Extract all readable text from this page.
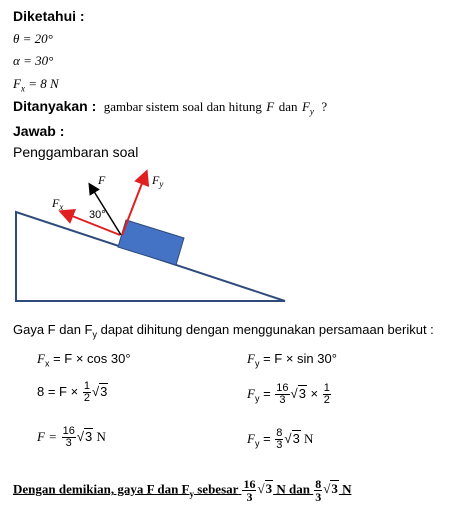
Diketahui :
θ = 20°
α = 30°
$F_x = 8$ N
Ditanyakan : gambar sistem soal dan hitung F dan $F_y$ ?
Jawab :
Penggambaran soal
F	$F_y$
$F_x$
30°
Gaya F dan $F_y$ dapat dihitung dengan menggunakan persamaan berikut :
$F_x = F \times \cos 30^\circ$	$F_y = F \times \sin 30^\circ$
$8 = F \times \frac{1}{2} √3$	$F_y = \frac{16}{3} √3 \times \frac{1}{2}$
$F = \frac{16}{3} √3$ N	$F_y = \frac{8}{3} √3$ N
Dengan demikian, gaya F dan $F_y$ sebesar $\frac{16}{3} √3$ N dan $\frac{8}{3} √3$ N
